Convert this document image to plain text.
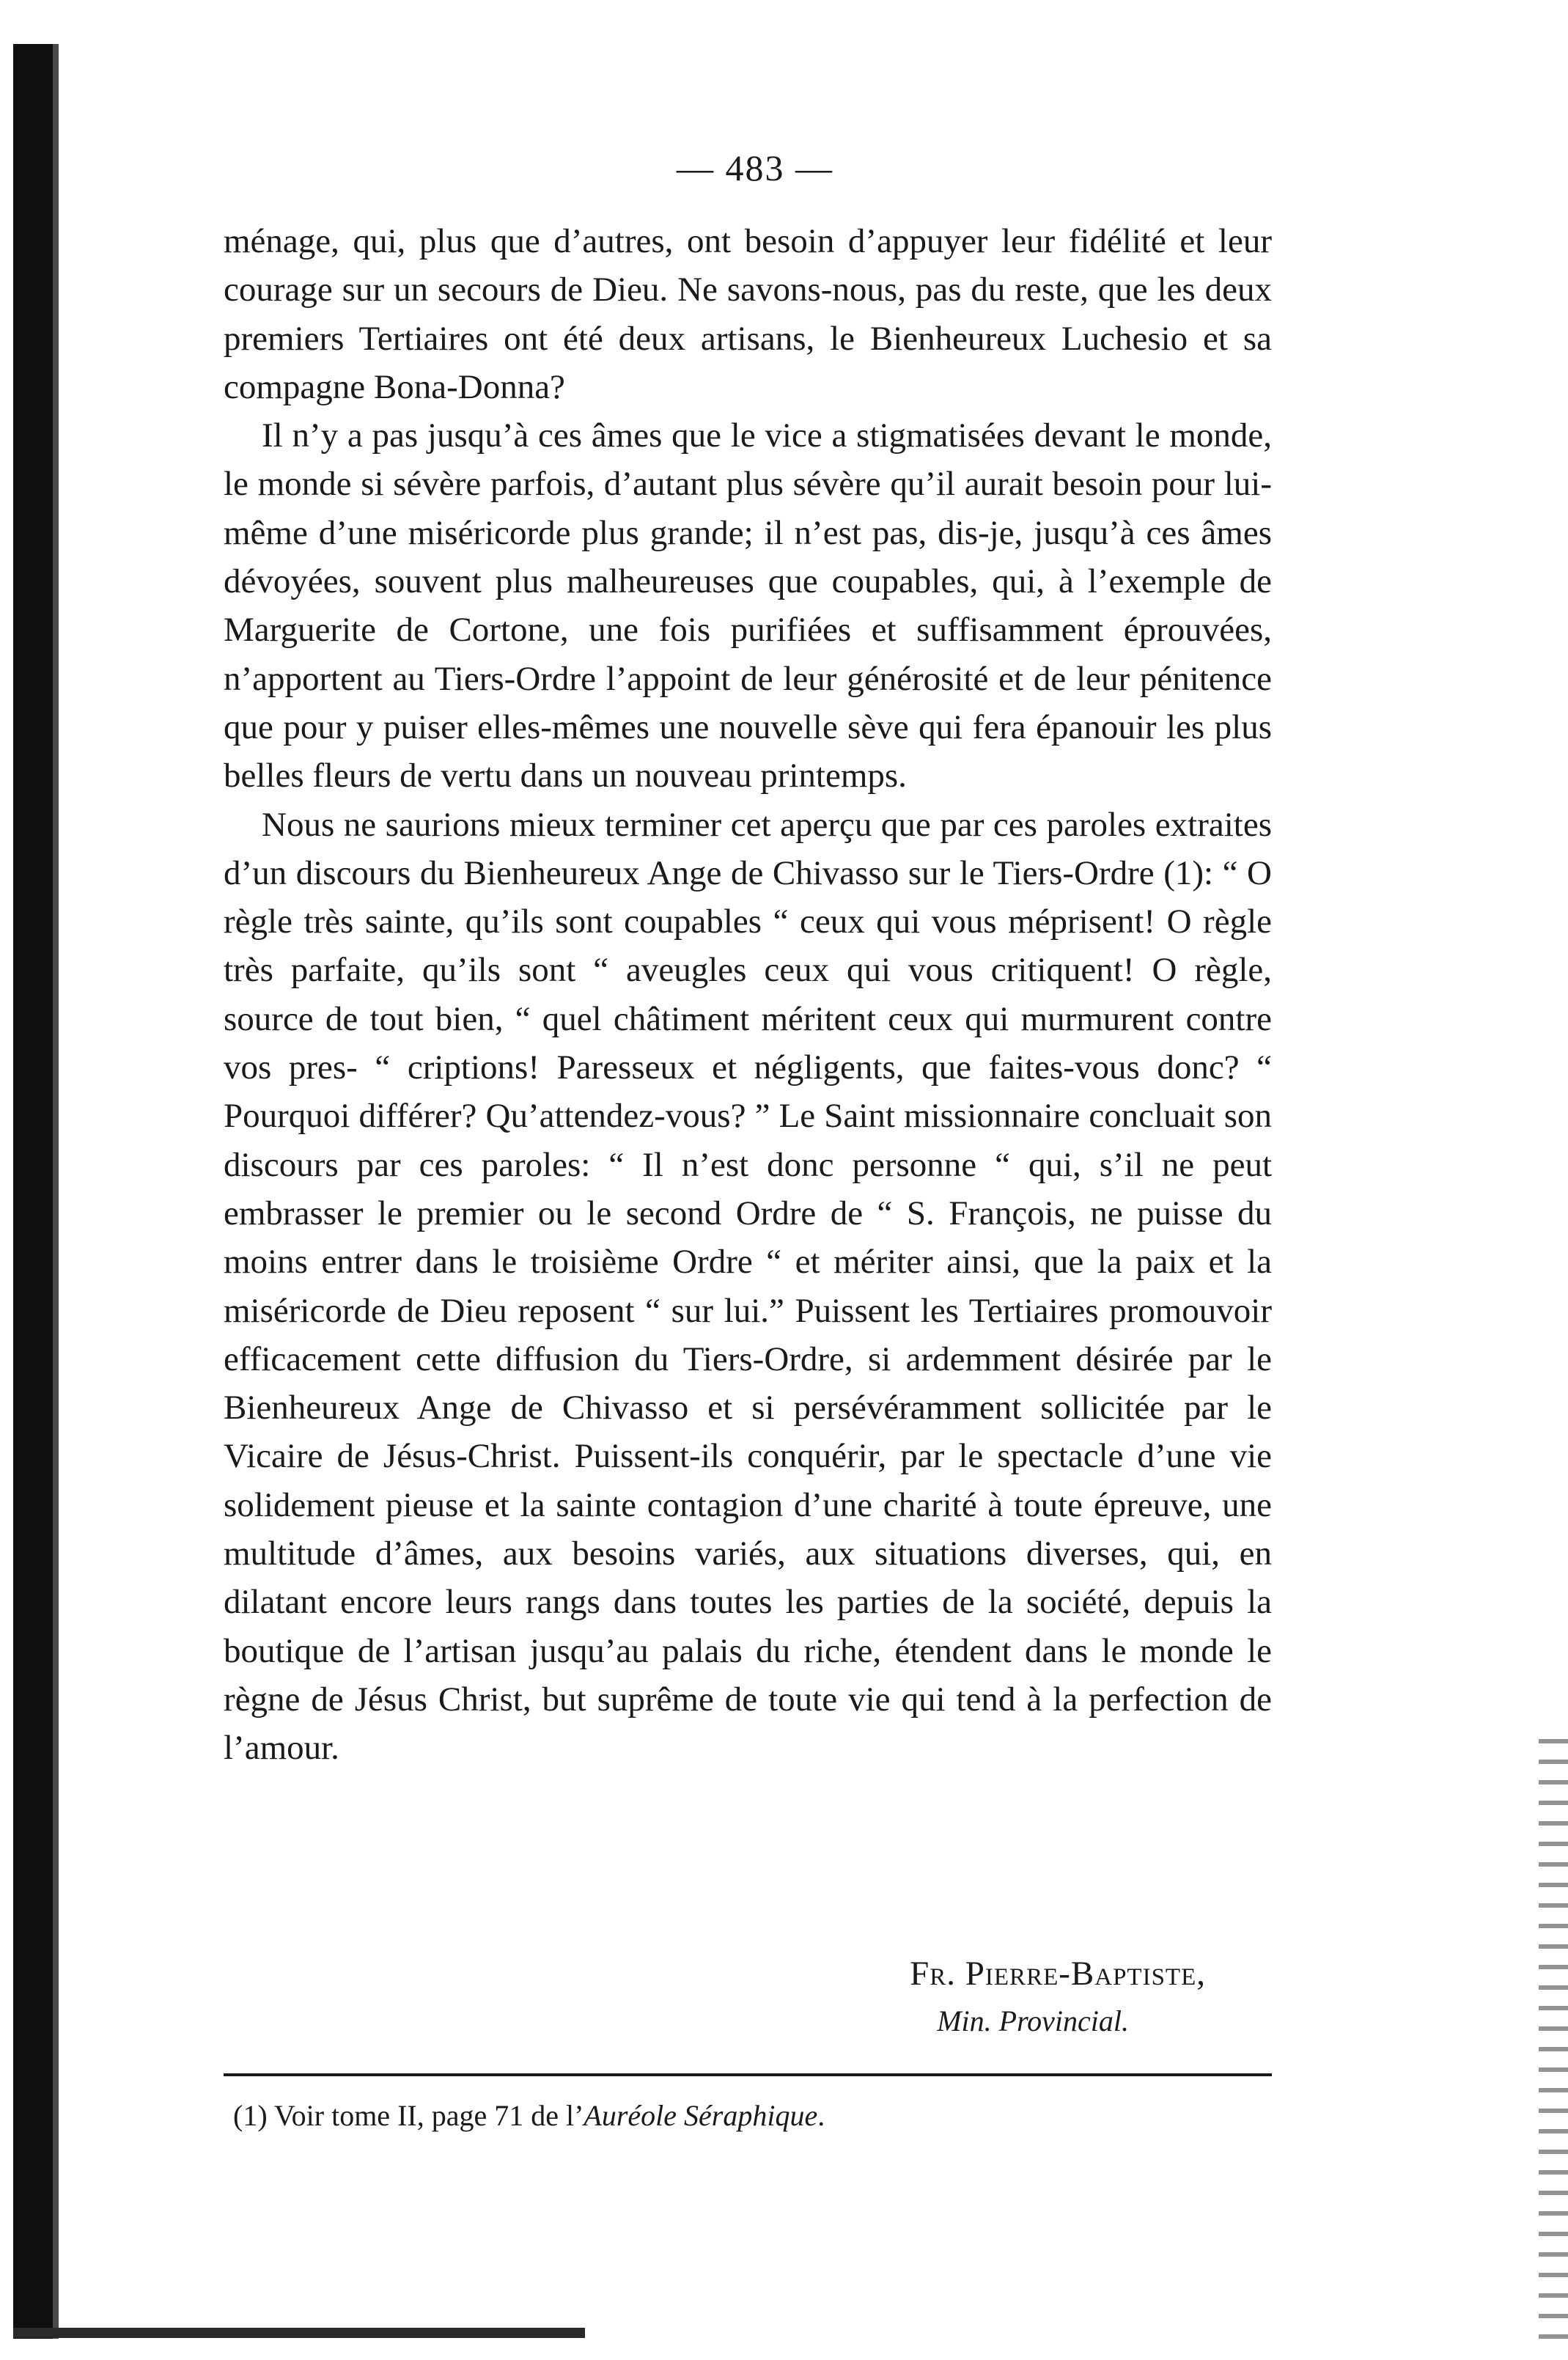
— 483 —

ménage, qui, plus que d’autres, ont besoin d’appuyer leur fidélité et leur courage sur un secours de Dieu. Ne savons-nous, pas du reste, que les deux premiers Tertiaires ont été deux artisans, le Bienheureux Luchesio et sa compagne Bona-Donna?

Il n’y a pas jusqu’à ces âmes que le vice a stigmatisées devant le monde, le monde si sévère parfois, d’autant plus sévère qu’il aurait besoin pour lui-même d’une miséricorde plus grande; il n’est pas, dis-je, jusqu’à ces âmes dévoyées, souvent plus malheureuses que coupables, qui, à l’exemple de Marguerite de Cortone, une fois purifiées et suffisamment éprouvées, n’apportent au Tiers-Ordre l’appoint de leur générosité et de leur pénitence que pour y puiser elles-mêmes une nouvelle sève qui fera épanouir les plus belles fleurs de vertu dans un nouveau printemps.

Nous ne saurions mieux terminer cet aperçu que par ces paroles extraites d’un discours du Bienheureux Ange de Chivasso sur le Tiers-Ordre (1): “ O règle très sainte, qu’ils sont coupables “ ceux qui vous méprisent! O règle très parfaite, qu’ils sont “ aveugles ceux qui vous critiquent! O règle, source de tout bien, “ quel châtiment méritent ceux qui murmurent contre vos pres- “ criptions! Paresseux et négligents, que faites-vous donc? “ Pourquoi différer? Qu’attendez-vous? ” Le Saint missionnaire concluait son discours par ces paroles: “ Il n’est donc personne “ qui, s’il ne peut embrasser le premier ou le second Ordre de “ S. François, ne puisse du moins entrer dans le troisième Ordre “ et mériter ainsi, que la paix et la miséricorde de Dieu reposent “ sur lui.” Puissent les Tertiaires promouvoir efficacement cette diffusion du Tiers-Ordre, si ardemment désirée par le Bienheureux Ange de Chivasso et si persévéramment sollicitée par le Vicaire de Jésus-Christ. Puissent-ils conquérir, par le spectacle d’une vie solidement pieuse et la sainte contagion d’une charité à toute épreuve, une multitude d’âmes, aux besoins variés, aux situations diverses, qui, en dilatant encore leurs rangs dans toutes les parties de la société, depuis la boutique de l’artisan jusqu’au palais du riche, étendent dans le monde le règne de Jésus Christ, but suprême de toute vie qui tend à la perfection de l’amour.

Fr. Pierre-Baptiste,
Min. Provincial.
(1) Voir tome II, page 71 de l’Auréole Séraphique.
